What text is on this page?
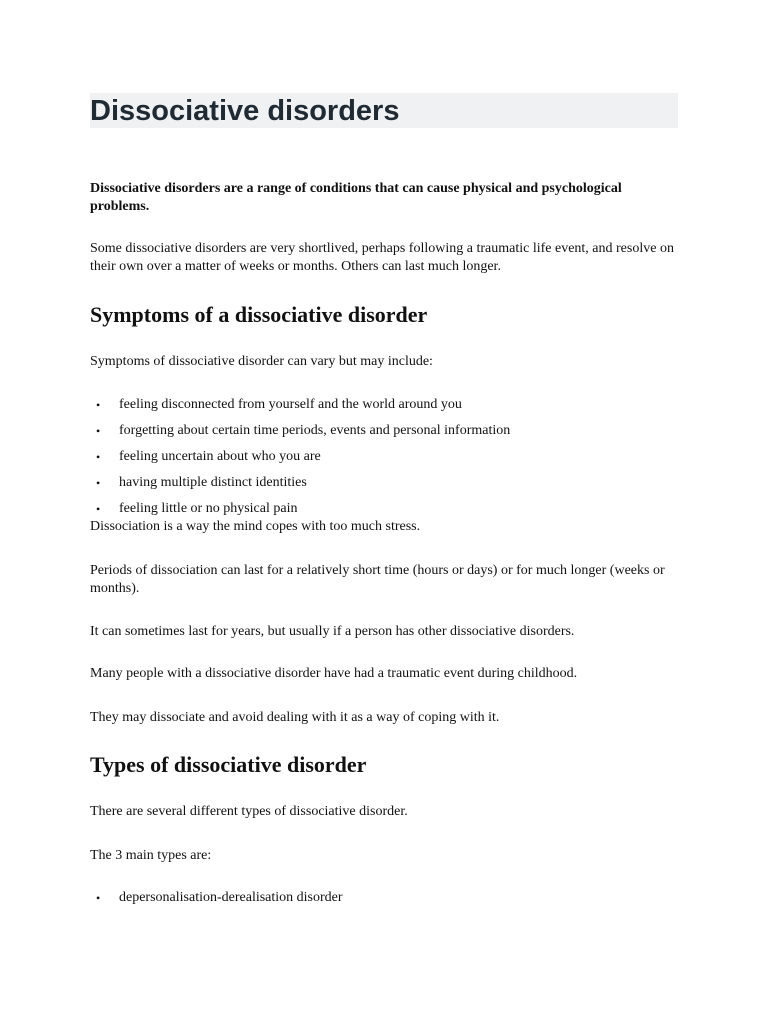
Dissociative disorders

Dissociative disorders are a range of conditions that can cause physical and psychological problems.

Some dissociative disorders are very shortlived, perhaps following a traumatic life event, and resolve on their own over a matter of weeks or months. Others can last much longer.

Symptoms of a dissociative disorder

Symptoms of dissociative disorder can vary but may include:

• feeling disconnected from yourself and the world around you
• forgetting about certain time periods, events and personal information
• feeling uncertain about who you are
• having multiple distinct identities
• feeling little or no physical pain

Dissociation is a way the mind copes with too much stress.

Periods of dissociation can last for a relatively short time (hours or days) or for much longer (weeks or months).

It can sometimes last for years, but usually if a person has other dissociative disorders.

Many people with a dissociative disorder have had a traumatic event during childhood.

They may dissociate and avoid dealing with it as a way of coping with it.

Types of dissociative disorder

There are several different types of dissociative disorder.

The 3 main types are:

• depersonalisation-derealisation disorder
